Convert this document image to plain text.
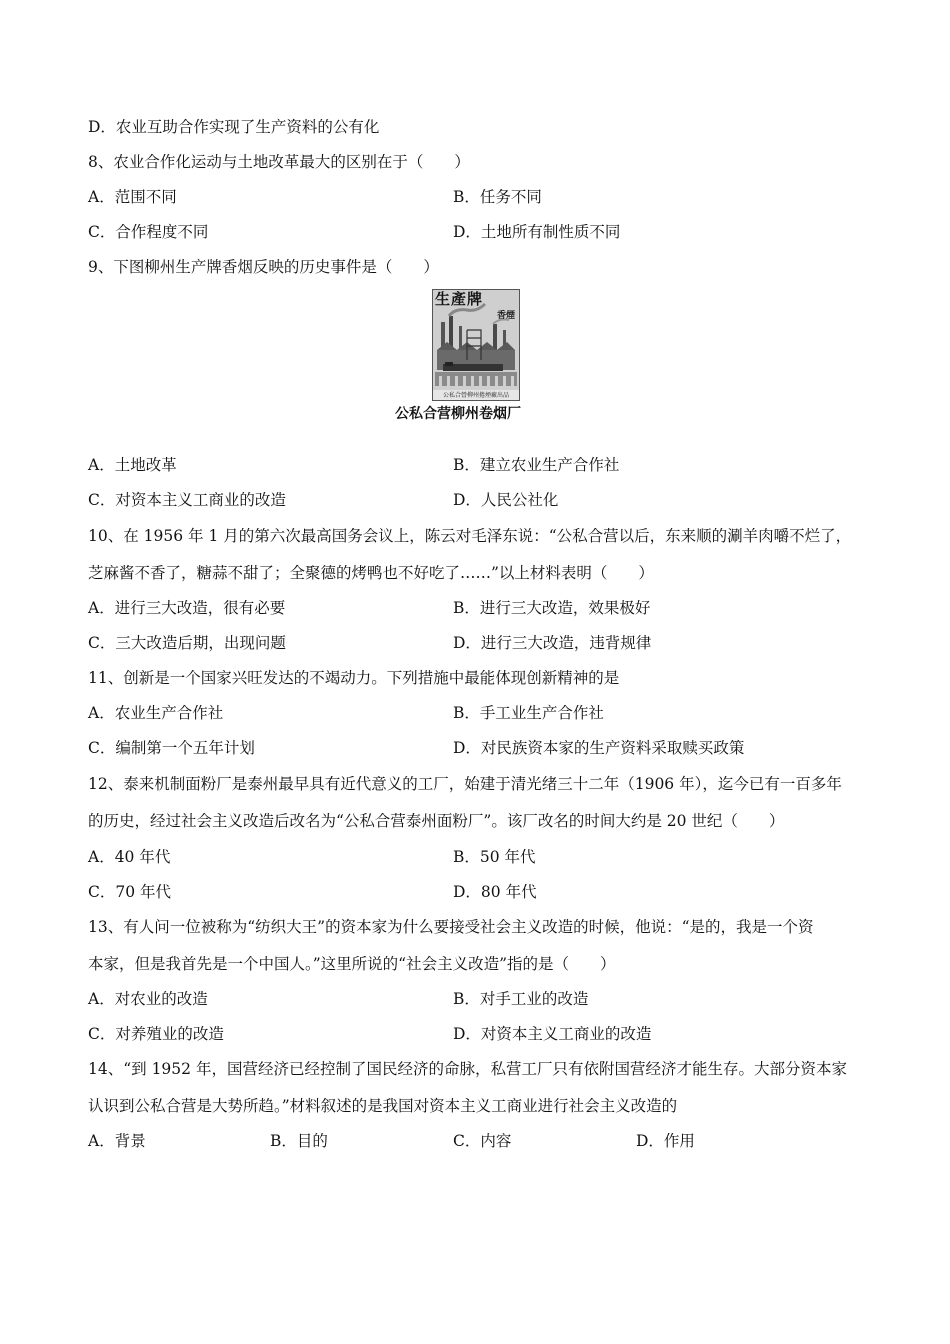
D．农业互助合作实现了生产资料的公有化
8、农业合作化运动与土地改革最大的区别在于（　　）
A．范围不同	B．任务不同
C．合作程度不同	D．土地所有制性质不同
9、下图柳州生产牌香烟反映的历史事件是（　　）
生產牌
香煙
公私合營柳州捲煙廠出品
公私合营柳州卷烟厂
A．土地改革	B．建立农业生产合作社
C．对资本主义工商业的改造	D．人民公社化
10、在 1956 年 1 月的第六次最高国务会议上，陈云对毛泽东说：“公私合营以后，东来顺的涮羊肉嚼不烂了，
芝麻酱不香了，糖蒜不甜了；全聚德的烤鸭也不好吃了……”以上材料表明（　　）
A．进行三大改造，很有必要	B．进行三大改造，效果极好
C．三大改造后期，出现问题	D．进行三大改造，违背规律
11、创新是一个国家兴旺发达的不竭动力。下列措施中最能体现创新精神的是
A．农业生产合作社	B．手工业生产合作社
C．编制第一个五年计划	D．对民族资本家的生产资料采取赎买政策
12、泰来机制面粉厂是泰州最早具有近代意义的工厂，始建于清光绪三十二年（1906 年），迄今已有一百多年
的历史，经过社会主义改造后改名为“公私合营泰州面粉厂”。该厂改名的时间大约是 20 世纪（　　）
A．40 年代	B．50 年代
C．70 年代	D．80 年代
13、有人问一位被称为“纺织大王”的资本家为什么要接受社会主义改造的时候，他说：“是的，我是一个资
本家，但是我首先是一个中国人。”这里所说的“社会主义改造”指的是（　　）
A．对农业的改造	B．对手工业的改造
C．对养殖业的改造	D．对资本主义工商业的改造
14、“到 1952 年，国营经济已经控制了国民经济的命脉，私营工厂只有依附国营经济才能生存。大部分资本家
认识到公私合营是大势所趋。”材料叙述的是我国对资本主义工商业进行社会主义改造的
A．背景	B．目的	C．内容	D．作用
